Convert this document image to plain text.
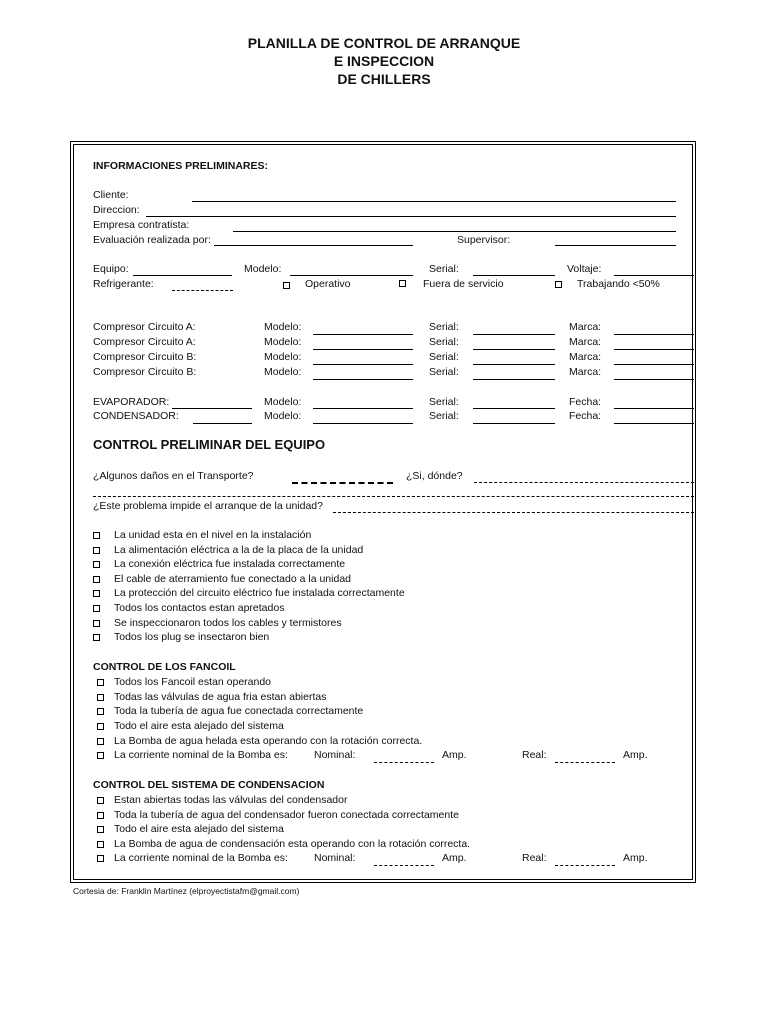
PLANILLA DE CONTROL DE ARRANQUE
E INSPECCION
DE CHILLERS
INFORMACIONES PRELIMINARES:
Cliente:
Direccion:
Empresa contratista:
Evaluación realizada por:	Supervisor:
Equipo:	Modelo:	Serial:	Voltaje:
Refrigerante:	Operativo	Fuera de servicio	Trabajando <50%
Compresor Circuito A:	Modelo:	Serial:	Marca:
Compresor Circuito A:	Modelo:	Serial:	Marca:
Compresor Circuito B:	Modelo:	Serial:	Marca:
Compresor Circuito B:	Modelo:	Serial:	Marca:
EVAPORADOR:	Modelo:	Serial:	Fecha:
CONDENSADOR:	Modelo:	Serial:	Fecha:
CONTROL PRELIMINAR DEL EQUIPO
¿Algunos daños en el Transporte?	¿Si, dónde?
¿Este problema impide el arranque de la unidad?
La unidad esta en el nivel en la instalación
La alimentación eléctrica a la de la placa de la unidad
La conexión eléctrica fue instalada correctamente
El cable de aterramiento fue conectado a la unidad
La protección del circuito eléctrico fue instalada correctamente
Todos los contactos estan apretados
Se inspeccionaron todos los cables y termistores
Todos los plug se insectaron bien
CONTROL DE LOS FANCOIL
Todos los Fancoil estan operando
Todas las válvulas de agua fria estan abiertas
Toda la tubería de agua fue conectada correctamente
Todo el aire esta alejado del sistema
La Bomba de agua helada esta operando con la rotación correcta.
La corriente nominal de la Bomba es: Nominal:	Amp.	Real:	Amp.
CONTROL DEL SISTEMA DE CONDENSACION
Estan abiertas todas las válvulas del condensador
Toda la tubería de agua del condensador fueron conectada correctamente
Todo el aire esta alejado del sistema
La Bomba de agua de condensación esta operando con la rotación correcta.
La corriente nominal de la Bomba es: Nominal:	Amp.	Real:	Amp.
Cortesia de: Franklin Martínez (elproyectistafm@gmail.com)
